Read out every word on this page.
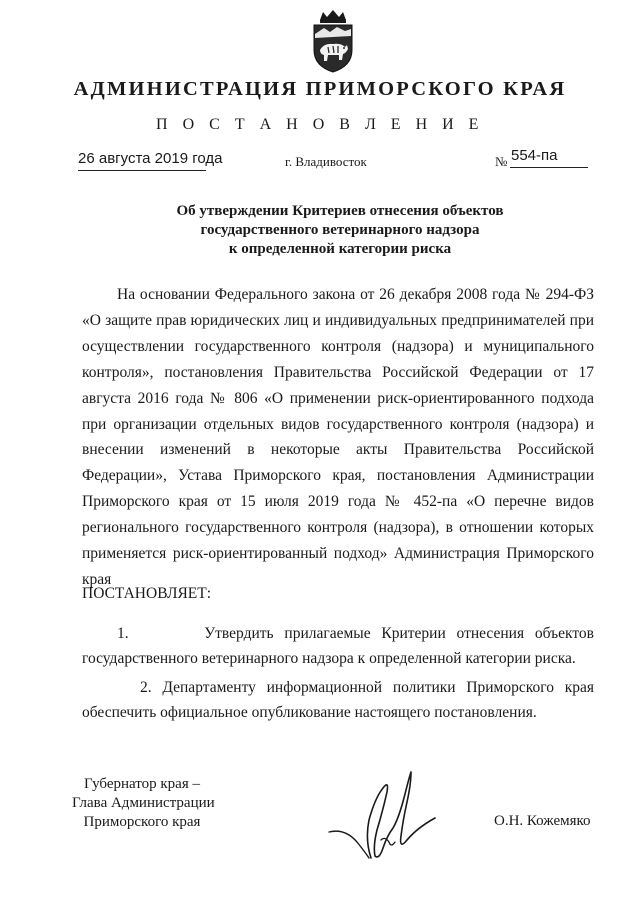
АДМИНИСТРАЦИЯ ПРИМОРСКОГО КРАЯ
П О С Т А Н О В Л Е Н И Е
26 августа 2019 года	г. Владивосток	№ 554-па
Об утверждении Критериев отнесения объектов
государственного ветеринарного надзора
к определенной категории риска
На основании Федерального закона от 26 декабря 2008 года № 294-ФЗ «О защите прав юридических лиц и индивидуальных предпринимателей при осуществлении государственного контроля (надзора) и муниципального контроля», постановления Правительства Российской Федерации от 17 августа 2016 года № 806 «О применении риск-ориентированного подхода при организации отдельных видов государственного контроля (надзора) и внесении изменений в некоторые акты Правительства Российской Федерации», Устава Приморского края, постановления Администрации Приморского края от 15 июля 2019 года № 452-па «О перечне видов регионального государственного контроля (надзора), в отношении которых применяется риск-ориентированный подход» Администрация Приморского края
ПОСТАНОВЛЯЕТ:
1.	Утвердить прилагаемые Критерии отнесения объектов государственного ветеринарного надзора к определенной категории риска.
2. Департаменту информационной политики Приморского края обеспечить официальное опубликование настоящего постановления.
Губернатор края –
Глава Администрации
Приморского края	О.Н. Кожемяко
